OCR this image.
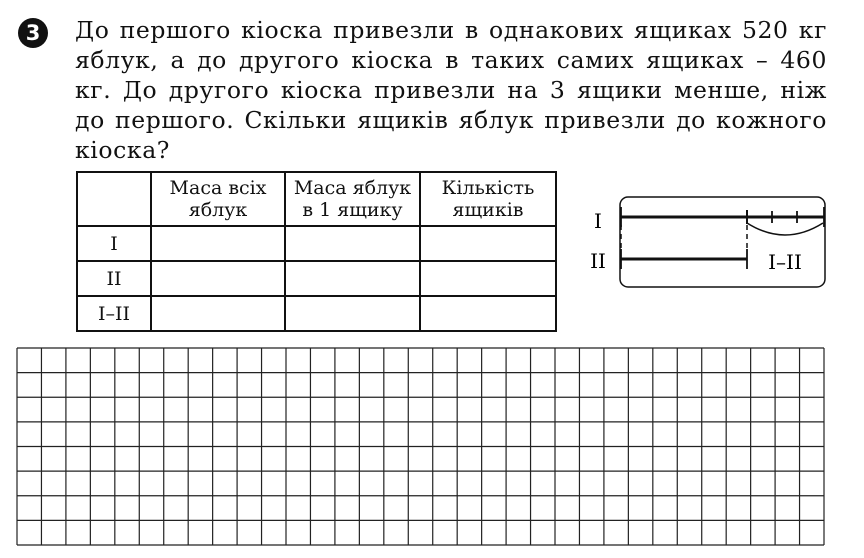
3	До першого кіоска привезли в однакових ящиках 520 кг яблук, а до другого кіоска в таких самих ящиках – 460 кг. До другого кіоска привезли на 3 ящики менше, ніж до першого. Скільки ящиків яблук привезли до кожного кіоска?

	Маса всіх яблук	Маса яблук в 1 ящику	Кількість ящиків
I			
II			
I–II			
I
II	I–II
